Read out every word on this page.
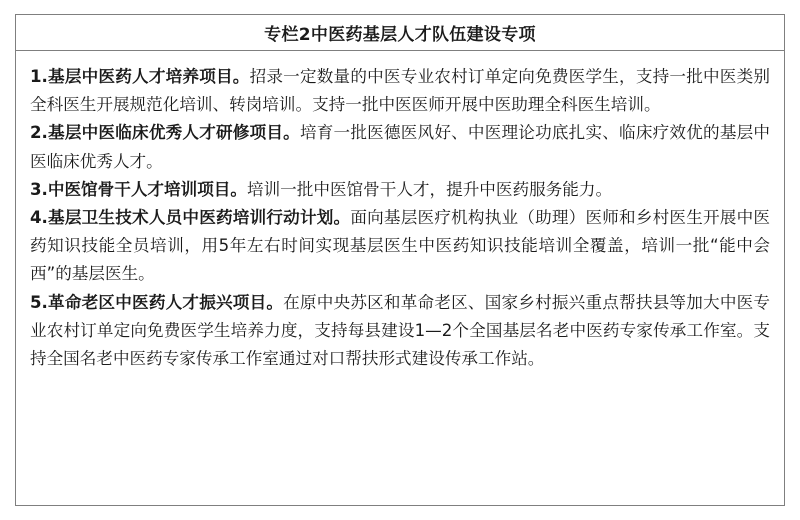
专栏2中医药基层人才队伍建设专项

1.基层中医药人才培养项目。招录一定数量的中医专业农村订单定向免费医学生，支持一批中医类别全科医生开展规范化培训、转岗培训。支持一批中医医师开展中医助理全科医生培训。

2.基层中医临床优秀人才研修项目。培育一批医德医风好、中医理论功底扎实、临床疗效优的基层中医临床优秀人才。

3.中医馆骨干人才培训项目。培训一批中医馆骨干人才，提升中医药服务能力。

4.基层卫生技术人员中医药培训行动计划。面向基层医疗机构执业（助理）医师和乡村医生开展中医药知识技能全员培训，用5年左右时间实现基层医生中医药知识技能培训全覆盖，培训一批“能中会西”的基层医生。

5.革命老区中医药人才振兴项目。在原中央苏区和革命老区、国家乡村振兴重点帮扶县等加大中医专业农村订单定向免费医学生培养力度，支持每县建设1—2个全国基层名老中医药专家传承工作室。支持全国名老中医药专家传承工作室通过对口帮扶形式建设传承工作站。
